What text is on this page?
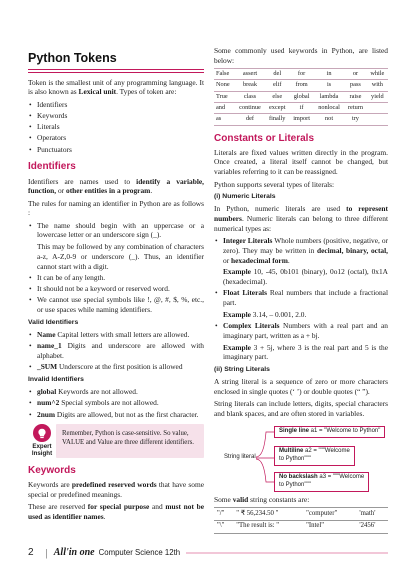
Python Tokens

Token is the smallest unit of any programming language. It is also known as Lexical unit. Types of token are:

• Identifiers
• Keywords
• Literals
• Operators
• Punctuators
Identifiers

Identifiers are names used to identify a variable, function, or other entities in a program.

The rules for naming an identifier in Python are as follows :

• The name should begin with an uppercase or a lowercase letter or an underscore sign (_).
This may be followed by any combination of characters a-z, A-Z,0-9 or underscore (_). Thus, an identifier cannot start with a digit.
• It can be of any length.
• It should not be a keyword or reserved word.
• We cannot use special symbols like !, @, #, $, %, etc., or use spaces while naming identifiers.
Valid Identifiers
• Name Capital letters with small letters are allowed.
• name_1 Digits and underscore are allowed with alphabet.
• _SUM Underscore at the first position is allowed
Invalid Identifiers
• global Keywords are not allowed.
• num^2 Special symbols are not allowed.
• 2num Digits are allowed, but not as the first character.
Expert
Insight
Remember, Python is case-sensitive. So value, VALUE and Value are three different identifiers.
Keywords

Keywords are predefined reserved words that have some special or predefined meanings.

These are reserved for special purpose and must not be used as identifier names.

Some commonly used keywords in Python, are listed below:

False	assert	del	for	in	or	while
None	break	elif	from	is	pass	with
True	class	else	global	lambda	raise	yield
and	continue	except	if	nonlocal	return	
as	def	finally	import	not	try	
Constants or Literals

Literals are fixed values written directly in the program. Once created, a literal itself cannot be changed, but variables referring to it can be reassigned.

Python supports several types of literals:

(i) Numeric Literals

In Python, numeric literals are used to represent numbers. Numeric literals can belong to three different numerical types as:

• Integer Literals Whole numbers (positive, negative, or zero). They may be written in decimal, binary, octal, or hexadecimal form.
Example 10, -45, 0b101 (binary), 0o12 (octal), 0x1A (hexadecimal).
• Float Literals Real numbers that include a fractional part.
Example 3.14, – 0.001, 2.0.
• Complex Literals Numbers with a real part and an imaginary part, written as a + bj.
Example 3 + 5j, where 3 is the real part and 5 is the imaginary part.
(ii) String Literals

A string literal is a sequence of zero or more characters enclosed in single quotes (‘ ’) or double quotes (“ ”).

String literals can include letters, digits, special characters and blank spaces, and are often stored in variables.

String literal
Single line a1 = "Welcome to Python"
Multiline a2 = """Welcome
to Python"""
No backslash a3 = """Welcome
to Python"""

Some valid string constants are:

"/"	" ₹ 56,234.50 "	"computer"	'math'
"\"	"The result is: "	"Intel"	'2456'
2	| All'in one Computer Science 12th
